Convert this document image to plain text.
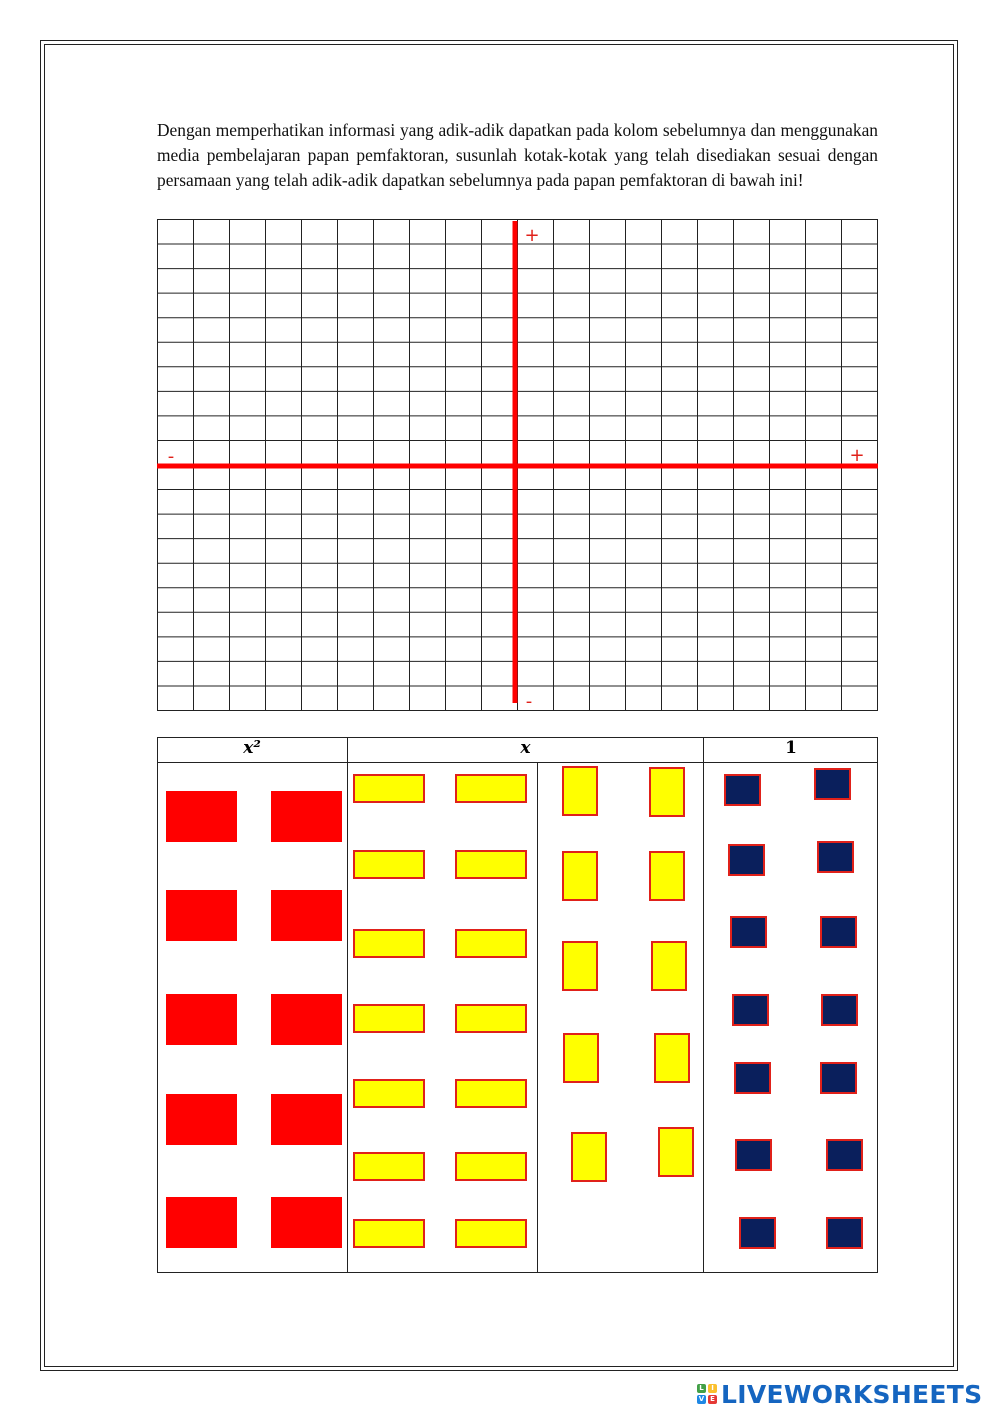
Dengan memperhatikan informasi yang adik-adik dapatkan pada kolom sebelumnya dan menggunakan media pembelajaran papan pemfaktoran, susunlah kotak-kotak yang telah disediakan sesuai dengan persamaan yang telah adik-adik dapatkan sebelumnya pada papan pemfaktoran di bawah ini!

+
-
-	+
x²	x	1
L	I
V E LIVEWORKSHEETS
